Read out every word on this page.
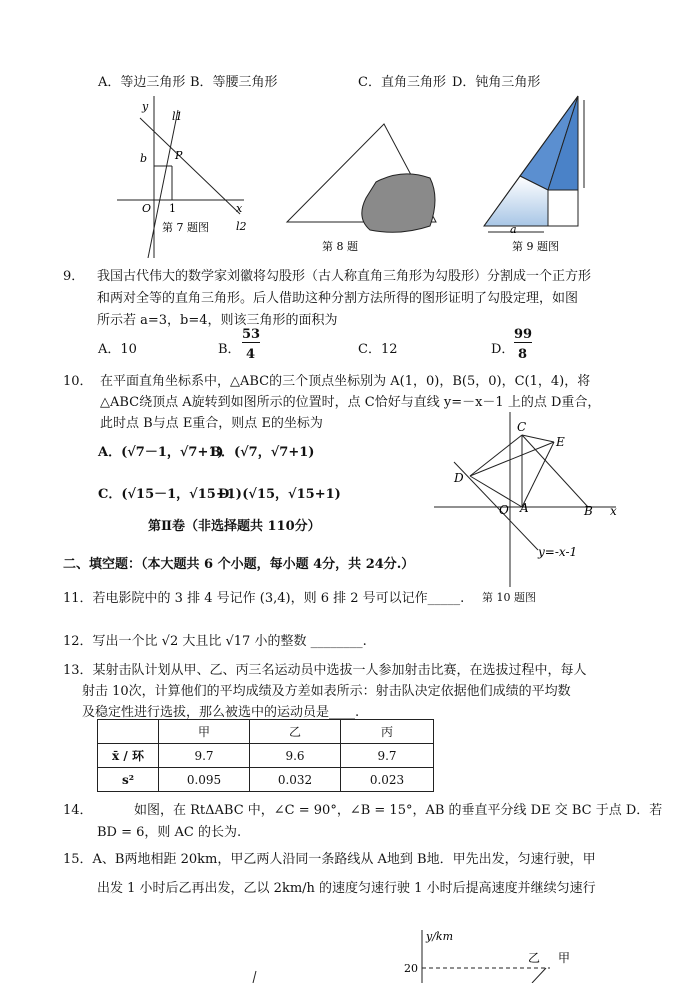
A．等边三角形 B．等腰三角形	C．直角三角形 D．钝角三角形
y
l1
b	P
O 1	x
l2
第 7 题图
第 8 题
a
第 9 题图
9． 我国古代伟大的数学家刘徽将勾股形（古人称直角三角形为勾股形）分割成一个正方形
和两对全等的直角三角形。后人借助这种分割方法所得的图形证明了勾股定理，如图
所示若 a=3，b=4，则该三角形的面积为
A．10	B．
53
4	C．12	D．
99
8
10． 在平面直角坐标系中，△ABC的三个顶点坐标别为 A(1，0)，B(5，0)，C(1，4)，将
△ABC绕顶点 A旋转到如图所示的位置时，点 C恰好与直线 y=－x－1 上的点 D重合，
此时点 B与点 E重合，则点 E的坐标为
A．(√7－1，√7+1)
B．(√7，√7+1)
C．(√15－1，√15+1)
D．(√15，√15+1)
C
E
D
O A	B x
y=-x-1
第Ⅱ卷（非选择题共 110分）
二、填空题：（本大题共 6 个小题，每小题 4分，共 24分.）
11．若电影院中的 3 排 4 号记作 (3,4)，则 6 排 2 号可以记作_____. 第 10 题图
12．写出一个比 √2 大且比 √17 小的整数 ________.
13．某射击队计划从甲、乙、丙三名运动员中选拔一人参加射击比赛，在选拔过程中，每人
射击 10次，计算他们的平均成绩及方差如表所示：射击队决定依据他们成绩的平均数
及稳定性进行选拔，那么被选中的运动员是____.
	甲	乙	丙
x̄ / 环	9.7	9.6	9.7
s²	0.095	0.032	0.023
14．	如图，在 RtΔABC 中，∠C = 90°，∠B = 15°，AB 的垂直平分线 DE 交 BC 于点 D．若
BD = 6，则 AC 的长为.
15．A、B两地相距 20km，甲乙两人沿同一条路线从 A地到 B地．甲先出发，匀速行驶，甲
出发 1 小时后乙再出发，乙以 2km/h 的速度匀速行驶 1 小时后提高速度并继续匀速行
y/km
20
乙 甲
